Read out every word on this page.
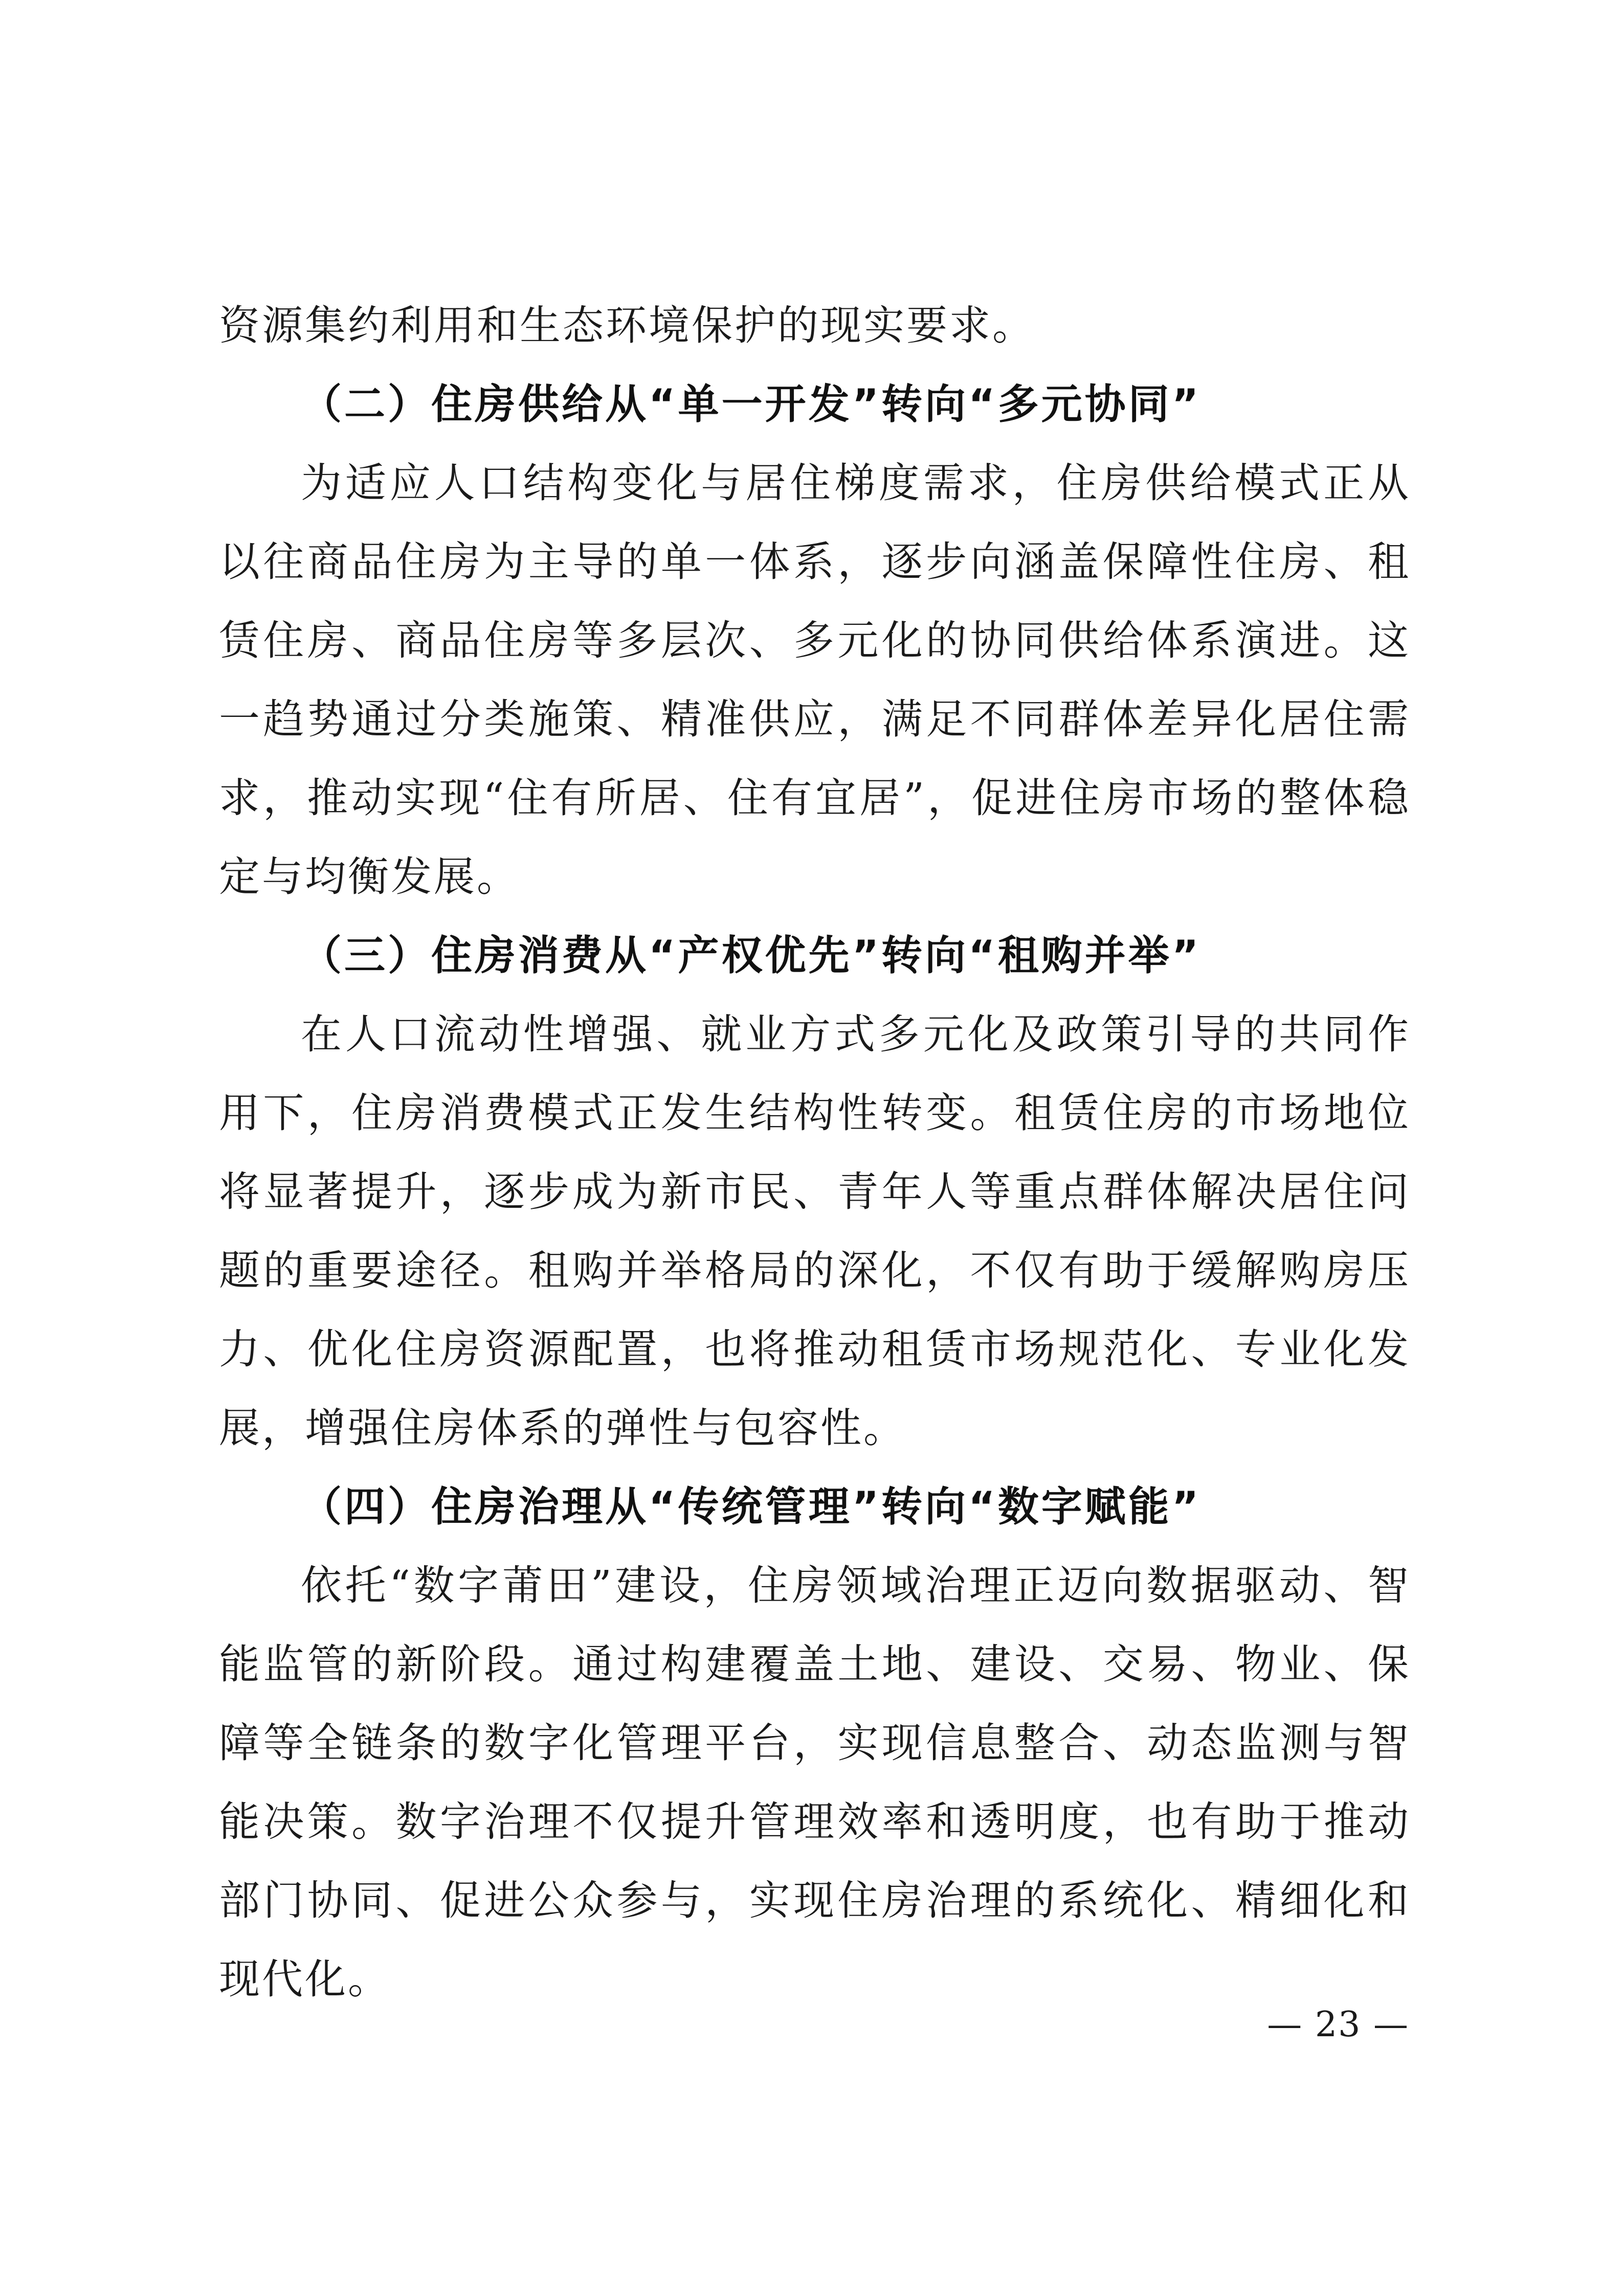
资源集约利用和生态环境保护的现实要求。

（二）住房供给从“单一开发”转向“多元协同”

为适应人口结构变化与居住梯度需求，住房供给模式正从以往商品住房为主导的单一体系，逐步向涵盖保障性住房、租赁住房、商品住房等多层次、多元化的协同供给体系演进。这一趋势通过分类施策、精准供应，满足不同群体差异化居住需求，推动实现“住有所居、住有宜居”，促进住房市场的整体稳定与均衡发展。

（三）住房消费从“产权优先”转向“租购并举”

在人口流动性增强、就业方式多元化及政策引导的共同作用下，住房消费模式正发生结构性转变。租赁住房的市场地位将显著提升，逐步成为新市民、青年人等重点群体解决居住问题的重要途径。租购并举格局的深化，不仅有助于缓解购房压力、优化住房资源配置，也将推动租赁市场规范化、专业化发展，增强住房体系的弹性与包容性。

（四）住房治理从“传统管理”转向“数字赋能”

依托“数字莆田”建设，住房领域治理正迈向数据驱动、智能监管的新阶段。通过构建覆盖土地、建设、交易、物业、保障等全链条的数字化管理平台，实现信息整合、动态监测与智能决策。数字治理不仅提升管理效率和透明度，也有助于推动部门协同、促进公众参与，实现住房治理的系统化、精细化和现代化。

— 23 —
